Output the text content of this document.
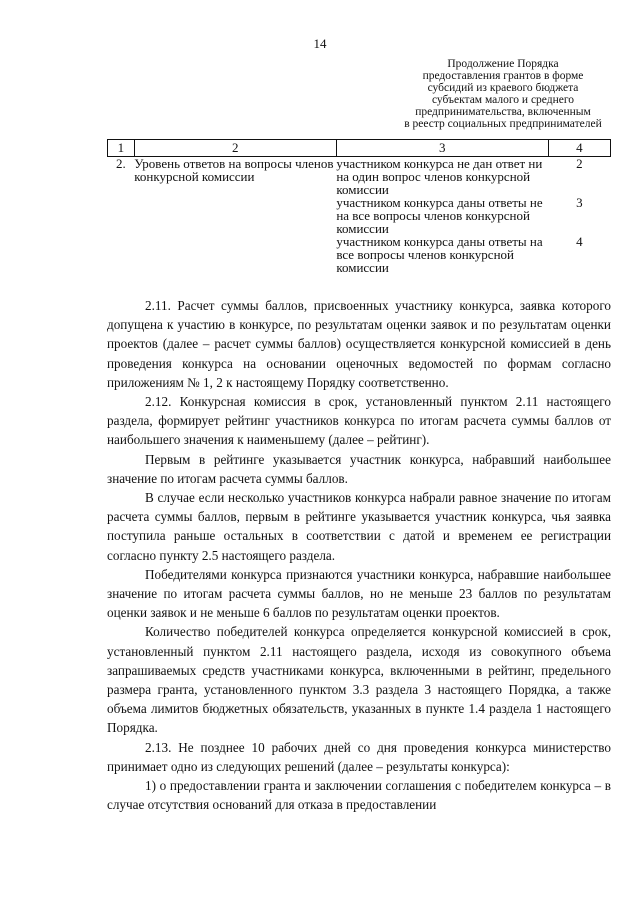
14
Продолжение Порядка
предоставления грантов в форме
субсидий из краевого бюджета
субъектам малого и среднего
предпринимательства, включенным
в реестр социальных предпринимателей
1	2	3	4
2.	Уровень ответов на вопросы членов конкурсной комиссии	участником конкурса не дан ответ ни на один вопрос членов конкурсной комиссии	2
		участником конкурса даны ответы не на все вопросы членов конкурсной комиссии	3
		участником конкурса даны ответы на все вопросы членов конкурсной комиссии	4

2.11. Расчет суммы баллов, присвоенных участнику конкурса, заявка которого допущена к участию в конкурсе, по результатам оценки заявок и по результатам оценки проектов (далее – расчет суммы баллов) осуществляется конкурсной комиссией в день проведения конкурса на основании оценочных ведомостей по формам согласно приложениям № 1, 2 к настоящему Порядку соответственно.

2.12. Конкурсная комиссия в срок, установленный пунктом 2.11 настоящего раздела, формирует рейтинг участников конкурса по итогам расчета суммы баллов от наибольшего значения к наименьшему (далее – рейтинг).

Первым в рейтинге указывается участник конкурса, набравший наибольшее значение по итогам расчета суммы баллов.

В случае если несколько участников конкурса набрали равное значение по итогам расчета суммы баллов, первым в рейтинге указывается участник конкурса, чья заявка поступила раньше остальных в соответствии с датой и временем ее регистрации согласно пункту 2.5 настоящего раздела.

Победителями конкурса признаются участники конкурса, набравшие наибольшее значение по итогам расчета суммы баллов, но не меньше 23 баллов по результатам оценки заявок и не меньше 6 баллов по результатам оценки проектов.

Количество победителей конкурса определяется конкурсной комиссией в срок, установленный пунктом 2.11 настоящего раздела, исходя из совокупного объема запрашиваемых средств участниками конкурса, включенными в рейтинг, предельного размера гранта, установленного пунктом 3.3 раздела 3 настоящего Порядка, а также объема лимитов бюджетных обязательств, указанных в пункте 1.4 раздела 1 настоящего Порядка.

2.13. Не позднее 10 рабочих дней со дня проведения конкурса министерство принимает одно из следующих решений (далее – результаты конкурса):

1) о предоставлении гранта и заключении соглашения с победителем конкурса – в случае отсутствия оснований для отказа в предоставлении
